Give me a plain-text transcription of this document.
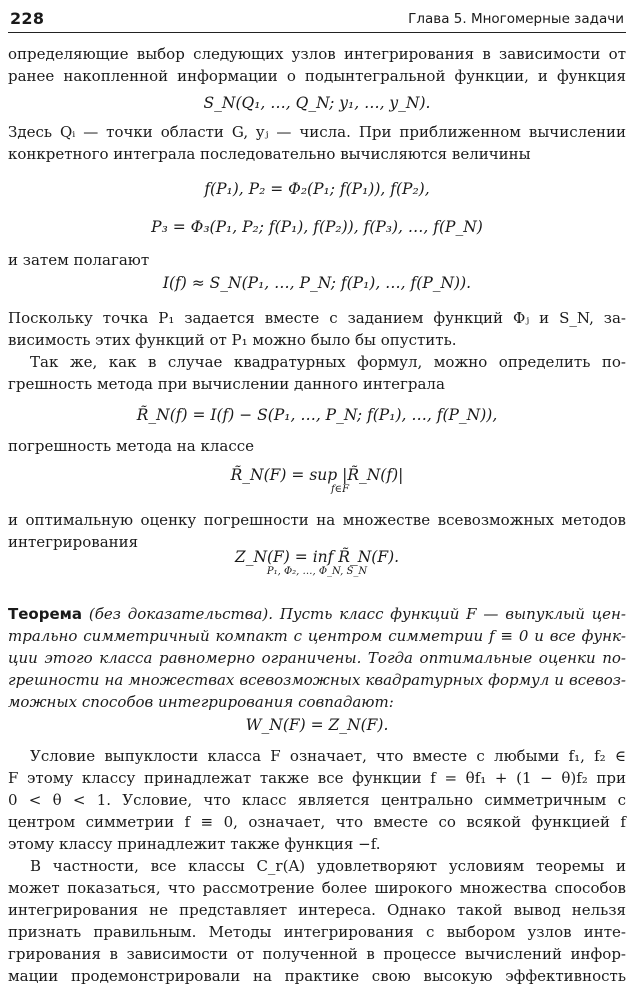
228	Глава 5. Многомерные задачи
определяющие выбор следующих узлов интегрирования в зависимости от
ранее накопленной информации о подынтегральной функции, и функция
S_N(Q₁, …, Q_N; y₁, …, y_N).
Здесь Qᵢ — точки области G, yⱼ — числа. При приближенном вычислении
конкретного интеграла последовательно вычисляются величины
f(P₁), P₂ = Φ₂(P₁; f(P₁)), f(P₂),
P₃ = Φ₃(P₁, P₂; f(P₁), f(P₂)), f(P₃), …, f(P_N)
и затем полагают
I(f) ≈ S_N(P₁, …, P_N; f(P₁), …, f(P_N)).
Поскольку точка P₁ задается вместе с заданием функций Φⱼ и S_N, за-
висимость этих функций от P₁ можно было бы опустить.
Так же, как в случае квадратурных формул, можно определить по-
грешность метода при вычислении данного интеграла
R̃_N(f) = I(f) − S(P₁, …, P_N; f(P₁), …, f(P_N)),
погрешность метода на классе
R̃_N(F) = sup |R̃_N(f)|
f∈F
и оптимальную оценку погрешности на множестве всевозможных методов
интегрирования
Z_N(F) = inf R̃_N(F).
P₁, Φ₂, …, Φ_N, S_N
Теорема (без доказательства). Пусть класс функций F — выпуклый цен-
трально симметричный компакт с центром симметрии f ≡ 0 и все функ-
ции этого класса равномерно ограничены. Тогда оптимальные оценки по-
грешности на множествах всевозможных квадратурных формул и всевоз-
можных способов интегрирования совпадают:
W_N(F) = Z_N(F).
Условие выпуклости класса F означает, что вместе с любыми f₁, f₂ ∈
F этому классу принадлежат также все функции f = θf₁ + (1 − θ)f₂ при
0 < θ < 1. Условие, что класс является центрально симметричным с
центром симметрии f ≡ 0, означает, что вместе со всякой функцией f
этому классу принадлежит также функция −f.
В частности, все классы C_r(A) удовлетворяют условиям теоремы и
может показаться, что рассмотрение более широкого множества способов
интегрирования не представляет интереса. Однако такой вывод нельзя
признать правильным. Методы интегрирования с выбором узлов инте-
грирования в зависимости от полученной в процессе вычислений инфор-
мации продемонстрировали на практике свою высокую эффективность
